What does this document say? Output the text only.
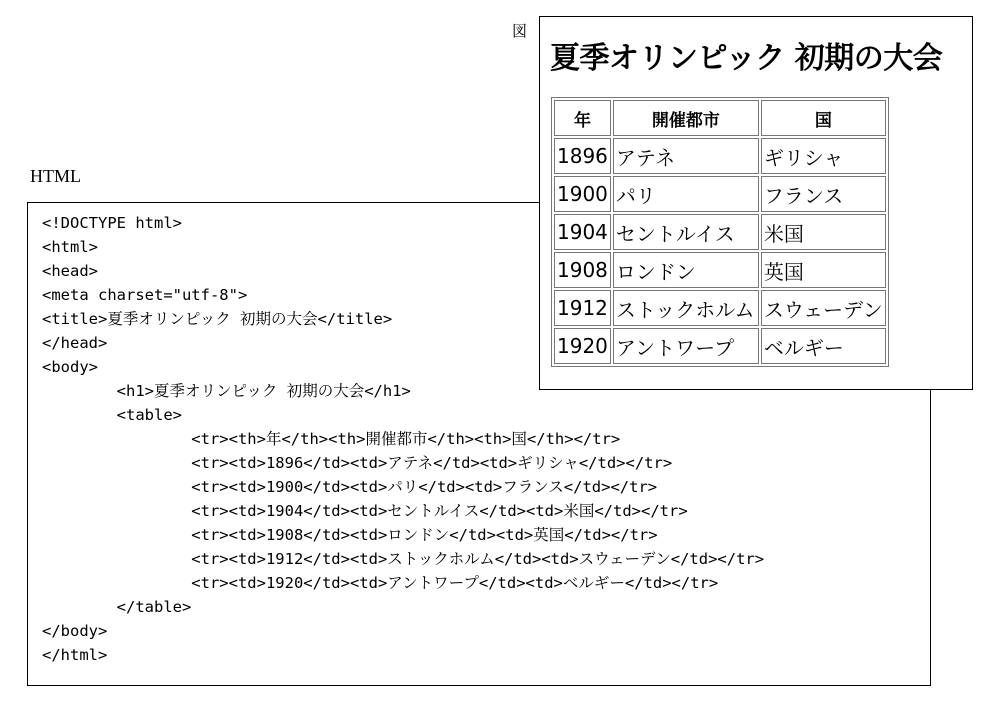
図
HTML
<!DOCTYPE html>
<html>
<head>
<meta charset="utf-8">
<title>夏季オリンピック 初期の大会</title>
</head>
<body>
<h1>夏季オリンピック 初期の大会</h1>
<table>
<tr><th>年</th><th>開催都市</th><th>国</th></tr>
<tr><td>1896</td><td>アテネ</td><td>ギリシャ</td></tr>
<tr><td>1900</td><td>パリ</td><td>フランス</td></tr>
<tr><td>1904</td><td>セントルイス</td><td>米国</td></tr>
<tr><td>1908</td><td>ロンドン</td><td>英国</td></tr>
<tr><td>1912</td><td>ストックホルム</td><td>スウェーデン</td></tr>
<tr><td>1920</td><td>アントワープ</td><td>ベルギー</td></tr>
</table>
</body>
</html>
夏季オリンピック 初期の大会
年	開催都市	国
1896	アテネ	ギリシャ
1900	パリ	フランス
1904	セントルイス	米国
1908	ロンドン	英国
1912	ストックホルム	スウェーデン
1920	アントワープ	ベルギー
